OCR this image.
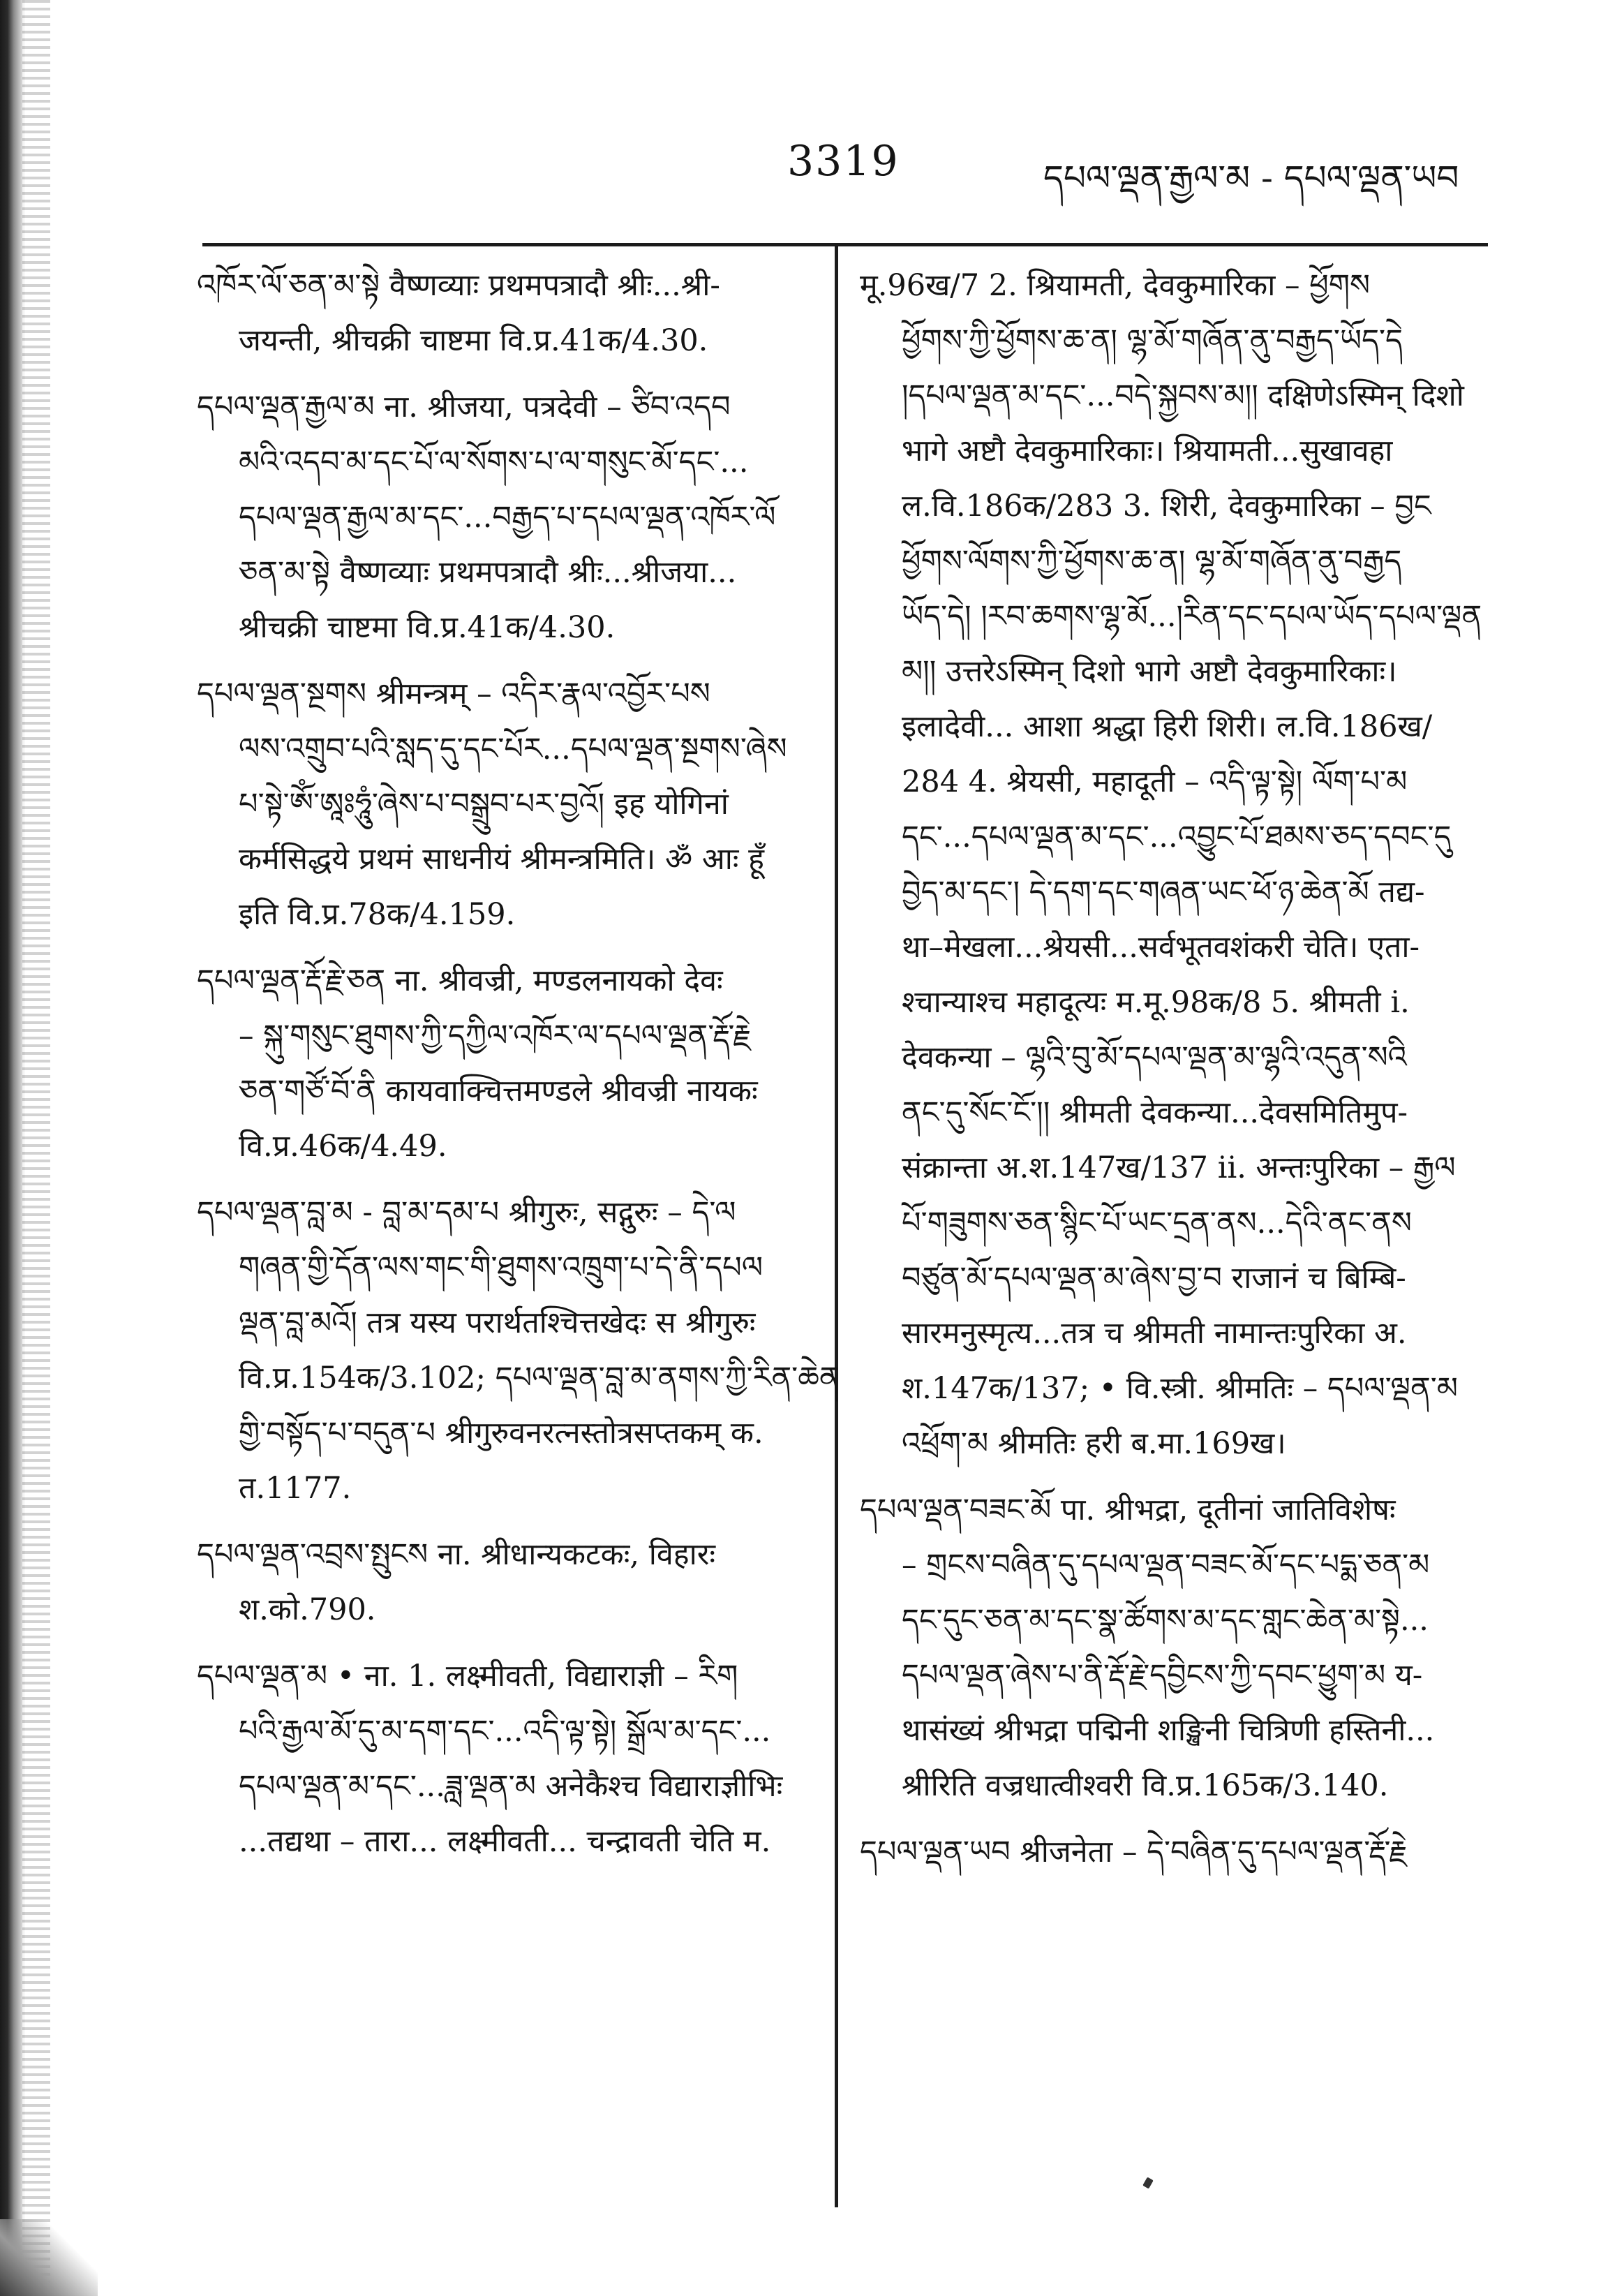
3319	དཔལ་ལྡན་རྒྱལ་མ - དཔལ་ལྡན་ཡབ
འཁོར་ལོ་ཅན་མ་སྟེ वैष्णव्याः प्रथमपत्रादौ श्रीः...श्री-
जयन्ती, श्रीचक्री चाष्टमा वि.प्र.41क/4.30.
དཔལ་ལྡན་རྒྱལ་མ ना. श्रीजया, पत्रदेवी – ཙིབ་འདབ
མའི་འདབ་མ་དང་པོ་ལ་སོགས་པ་ལ་གསུང་མོ་དང་...
དཔལ་ལྡན་རྒྱལ་མ་དང་...བརྒྱད་པ་དཔལ་ལྡན་འཁོར་ལོ
ཅན་མ་སྟེ वैष्णव्याः प्रथमपत्रादौ श्रीः...श्रीजया...
श्रीचक्री चाष्टमा वि.प्र.41क/4.30.
དཔལ་ལྡན་སྔགས श्रीमन्त्रम् – འདིར་རྣལ་འབྱོར་པས
ལས་འགྲུབ་པའི་སླད་དུ་དང་པོར...དཔལ་ལྡན་སྔགས་ཞེས
པ་སྟེ་ཨོཾ་ཨཱཿཧཱུཾ་ཞེས་པ་བསྒྲུབ་པར་བྱའོ། इह योगिनां
कर्मसिद्धये प्रथमं साधनीयं श्रीमन्त्रमिति। ॐ आः हूँ
इति वि.प्र.78क/4.159.
དཔལ་ལྡན་རྡོ་རྗེ་ཅན ना. श्रीवज्री, मण्डलनायको देवः
– སྐུ་གསུང་ཐུགས་ཀྱི་དཀྱིལ་འཁོར་ལ་དཔལ་ལྡན་རྡོ་རྗེ
ཅན་གཙོ་བོ་ནི कायवाक्चित्तमण्डले श्रीवज्री नायकः
वि.प्र.46क/4.49.
དཔལ་ལྡན་བླ་མ - བླ་མ་དམ་པ श्रीगुरुः, सद्गुरुः – དེ་ལ
གཞན་གྱི་དོན་ལས་གང་གི་ཐུགས་འཁྲུག་པ་དེ་ནི་དཔལ
ལྡན་བླ་མའོ། तत्र यस्य परार्थतश्चित्तखेदः स श्रीगुरुः
वि.प्र.154क/3.102; དཔལ་ལྡན་བླ་མ་ནགས་ཀྱི་རིན་ཆེན
གྱི་བསྟོད་པ་བདུན་པ श्रीगुरुवनरत्नस्तोत्रसप्तकम् क.
त.1177.
དཔལ་ལྡན་འབྲས་སྤུངས ना. श्रीधान्यकटकः, विहारः
श.को.790.
དཔལ་ལྡན་མ • ना. 1. लक्ष्मीवती, विद्याराज्ञी – རིག
པའི་རྒྱལ་མོ་དུ་མ་དག་དང་...འདི་ལྟ་སྟེ། སྒྲོལ་མ་དང་...
དཔལ་ལྡན་མ་དང་...ཟླ་ལྡན་མ अनेकैश्च विद्याराज्ञीभिः
...तद्यथा – तारा... लक्ष्मीवती... चन्द्रावती चेति म.
मू.96ख/7 2. श्रियामती, देवकुमारिका – ཕྱོགས
ཕྱོགས་ཀྱི་ཕྱོགས་ཆ་ན། ལྷ་མོ་གཞོན་ནུ་བརྒྱད་ཡོད་དེ
།དཔལ་ལྡན་མ་དང་...བདེ་སྐྱབས་མ།། दक्षिणेऽस्मिन् दिशो
भागे अष्टौ देवकुमारिकाः। श्रियामती...सुखावहा
ल.वि.186क/283 3. शिरी, देवकुमारिका – བྱང
ཕྱོགས་ལོགས་ཀྱི་ཕྱོགས་ཆ་ན། ལྷ་མོ་གཞོན་ནུ་བརྒྱད
ཡོད་དེ། །རབ་ཆགས་ལྷ་མོ...།རིན་དང་དཔལ་ཡོད་དཔལ་ལྡན
མ།། उत्तरेऽस्मिन् दिशो भागे अष्टौ देवकुमारिकाः।
इलादेवी... आशा श्रद्धा हिरी शिरी। ल.वि.186ख/
284 4. श्रेयसी, महादूती – འདི་ལྟ་སྟེ། ལོག་པ་མ
དང་...དཔལ་ལྡན་མ་དང་...འབྱུང་པོ་ཐམས་ཅད་དབང་དུ
བྱེད་མ་དང་། དེ་དག་དང་གཞན་ཡང་ཕོ་ཉ་ཆེན་མོ तद्य-
था–मेखला...श्रेयसी...सर्वभूतवशंकरी चेति। एता-
श्चान्याश्च महादूत्यः म.मू.98क/8 5. श्रीमती i.
देवकन्या – ལྷའི་བུ་མོ་དཔལ་ལྡན་མ་ལྷའི་འདུན་སའི
ནང་དུ་སོང་ངོ་།། श्रीमती देवकन्या...देवसमितिमुप-
संक्रान्ता अ.श.147ख/137 ii. अन्तःपुरिका – རྒྱལ
པོ་གཟུགས་ཅན་སྙིང་པོ་ཡང་དྲན་ནས...དེའི་ནང་ནས
བཙུན་མོ་དཔལ་ལྡན་མ་ཞེས་བྱ་བ राजानं च बिम्बि-
सारमनुस्मृत्य...तत्र च श्रीमती नामान्तःपुरिका अ.
श.147क/137; • वि.स्त्री. श्रीमतिः – དཔལ་ལྡན་མ
འཕྲོག་མ श्रीमतिः हरी ब.मा.169ख।
དཔལ་ལྡན་བཟང་མོ पा. श्रीभद्रा, दूतीनां जातिविशेषः
– གྲངས་བཞིན་དུ་དཔལ་ལྡན་བཟང་མོ་དང་པདྨ་ཅན་མ
དང་དུང་ཅན་མ་དང་སྣ་ཚོགས་མ་དང་གླང་ཆེན་མ་སྟེ...
དཔལ་ལྡན་ཞེས་པ་ནི་རྡོ་རྗེ་དབྱིངས་ཀྱི་དབང་ཕྱུག་མ य-
थासंख्यं श्रीभद्रा पद्मिनी शङ्खिनी चित्रिणी हस्तिनी...
श्रीरिति वज्रधात्वीश्वरी वि.प्र.165क/3.140.
དཔལ་ལྡན་ཡབ श्रीजनेता – དེ་བཞིན་དུ་དཔལ་ལྡན་རྡོ་རྗེ
